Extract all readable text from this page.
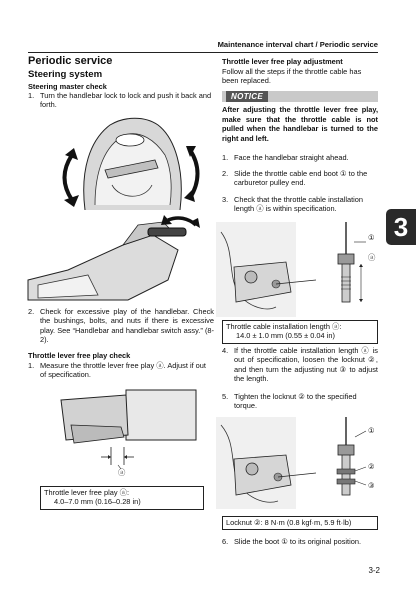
Maintenance interval chart / Periodic service
3
Periodic service
Steering system
Steering master check
1. Turn the handlebar lock to lock and push it back and forth.
2. Check for excessive play of the handlebar. Check the bushings, bolts, and nuts if there is excessive play. See “Handlebar and handlebar switch assy.” (8-2).
Throttle lever free play check
1. Measure the throttle lever free play ⓐ. Adjust if out of specification.
ⓐ
Throttle lever free play ⓐ:
4.0–7.0 mm (0.16–0.28 in)
Throttle lever free play adjustment
Follow all the steps if the throttle cable has been replaced.
NOTICE
After adjusting the throttle lever free play, make sure that the throttle cable is not pulled when the handlebar is turned to the right and left.
1. Face the handlebar straight ahead.
2. Slide the throttle cable end boot ① to the carburetor pulley end.
3. Check that the throttle cable installation length ⓐ is within specification.
①
ⓐ
Throttle cable installation length ⓐ:
14.0 ± 1.0 mm (0.55 ± 0.04 in)
4. If the throttle cable installation length ⓐ is out of specification, loosen the locknut ②, and then turn the adjusting nut ③ to adjust the length.
5. Tighten the locknut ② to the specified torque.
①
②
③
Locknut ②: 8 N·m (0.8 kgf·m, 5.9 ft·lb)
6. Slide the boot ① to its original position.
3-2
